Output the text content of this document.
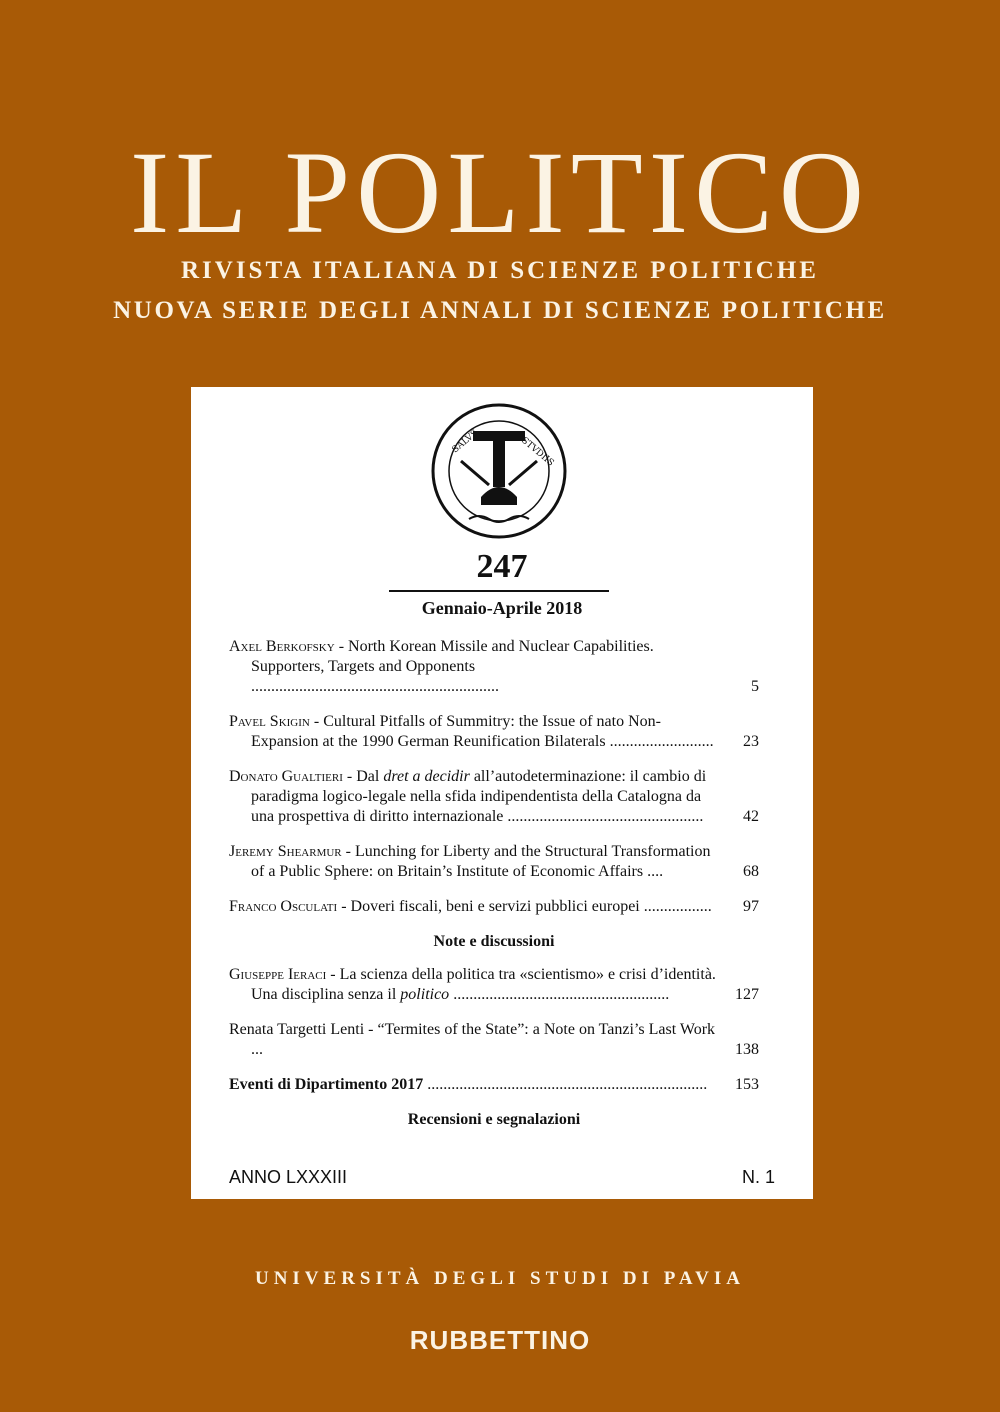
IL POLITICO
RIVISTA ITALIANA DI SCIENZE POLITICHE
NUOVA SERIE DEGLI ANNALI DI SCIENZE POLITICHE
SALVS	STVDIIS
247
Gennaio-Aprile 2018
Axel Berkofsky - North Korean Missile and Nuclear Capabilities. Supporters, Targets and Opponents ..............................................................	5
Pavel Skigin - Cultural Pitfalls of Summitry: the Issue of nato Non-Expansion at the 1990 German Reunification Bilaterals .......................... 23
Donato Gualtieri - Dal dret a decidir all’autodeterminazione: il cambio di paradigma logico-legale nella sfida indipendentista della Catalogna da una prospettiva di diritto internazionale ................................................. 42
Jeremy Shearmur - Lunching for Liberty and the Structural Transformation of a Public Sphere: on Britain’s Institute of Economic Affairs ....	68
Franco Osculati - Doveri fiscali, beni e servizi pubblici europei ................. 97
Note e discussioni
Giuseppe Ieraci - La scienza della politica tra «scientismo» e crisi d’identità. Una disciplina senza il politico ......................................................	127
Renata Targetti Lenti - “Termites of the State”: a Note on Tanzi’s Last Work ...	138
Eventi di Dipartimento 2017 ...................................................................... 153
Recensioni e segnalazioni
ANNO LXXXIII	N. 1
UNIVERSITÀ DEGLI STUDI DI PAVIA
RUBBETTINO
